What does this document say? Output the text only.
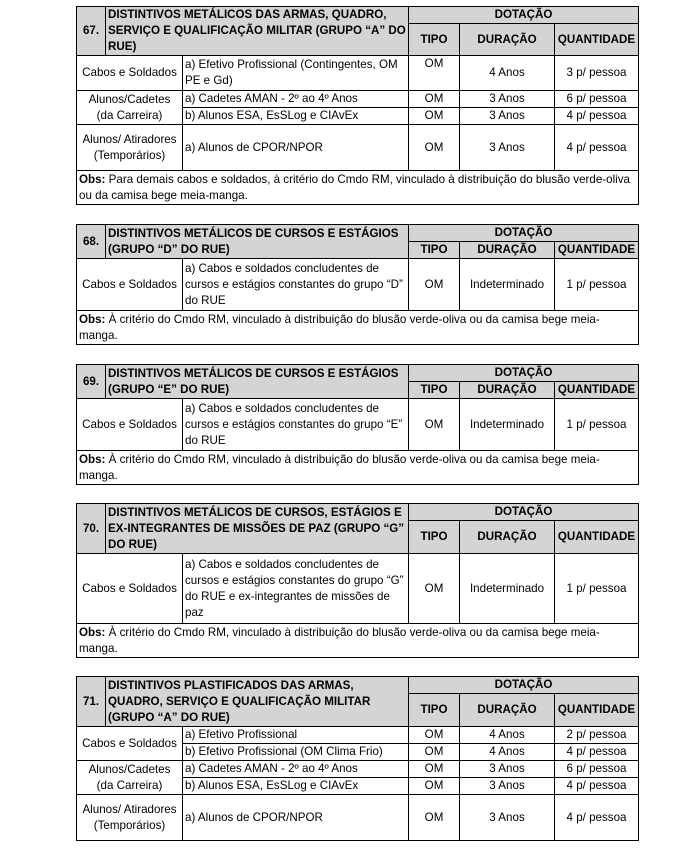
67.	DISTINTIVOS METÁLICOS DAS ARMAS, QUADRO, SERVIÇO E QUALIFICAÇÃO MILITAR (GRUPO “A” DO RUE)		DOTAÇÃO		
			TIPO	DURAÇÃO	QUANTIDADE
Cabos e Soldados		a) Efetivo Profissional (Contingentes, OM PE e Gd)	OM	4 Anos	3 p/ pessoa
Alunos/Cadetes (da Carreira)		a) Cadetes AMAN - 2º ao 4º Anos	OM	3 Anos	6 p/ pessoa
		b) Alunos ESA, EsSLog e CIAvEx	OM	3 Anos	4 p/ pessoa
Alunos/ Atiradores (Temporários)		a) Alunos de CPOR/NPOR	OM	3 Anos	4 p/ pessoa
Obs: Para demais cabos e soldados, à critério do Cmdo RM, vinculado à distribuição do blusão verde-oliva ou da camisa bege meia-manga.					
68.	DISTINTIVOS METÁLICOS DE CURSOS E ESTÁGIOS (GRUPO “D” DO RUE)		DOTAÇÃO		
			TIPO	DURAÇÃO	QUANTIDADE
Cabos e Soldados		a) Cabos e soldados concludentes de cursos e estágios constantes do grupo “D” do RUE	OM	Indeterminado	1 p/ pessoa
Obs: À critério do Cmdo RM, vinculado à distribuição do blusão verde-oliva ou da camisa bege meia-manga.					
69.	DISTINTIVOS METÁLICOS DE CURSOS E ESTÁGIOS (GRUPO “E” DO RUE)		DOTAÇÃO		
			TIPO	DURAÇÃO	QUANTIDADE
Cabos e Soldados		a) Cabos e soldados concludentes de cursos e estágios constantes do grupo “E” do RUE	OM	Indeterminado	1 p/ pessoa
Obs: À critério do Cmdo RM, vinculado à distribuição do blusão verde-oliva ou da camisa bege meia-manga.					
70.	DISTINTIVOS METÁLICOS DE CURSOS, ESTÁGIOS E EX-INTEGRANTES DE MISSÕES DE PAZ (GRUPO “G” DO RUE)		DOTAÇÃO		
			TIPO	DURAÇÃO	QUANTIDADE
Cabos e Soldados		a) Cabos e soldados concludentes de cursos e estágios constantes do grupo “G” do RUE e ex-integrantes de missões de paz	OM	Indeterminado	1 p/ pessoa
Obs: À critério do Cmdo RM, vinculado à distribuição do blusão verde-oliva ou da camisa bege meia-manga.					
71.	DISTINTIVOS PLASTIFICADOS DAS ARMAS, QUADRO, SERVIÇO E QUALIFICAÇÃO MILITAR (GRUPO “A” DO RUE)		DOTAÇÃO		
			TIPO	DURAÇÃO	QUANTIDADE
Cabos e Soldados		a) Efetivo Profissional	OM	4 Anos	2 p/ pessoa
		b) Efetivo Profissional (OM Clima Frio)	OM	4 Anos	4 p/ pessoa
Alunos/Cadetes (da Carreira)		a) Cadetes AMAN - 2º ao 4º Anos	OM	3 Anos	6 p/ pessoa
		b) Alunos ESA, EsSLog e CIAvEx	OM	3 Anos	4 p/ pessoa
Alunos/ Atiradores (Temporários)		a) Alunos de CPOR/NPOR	OM	3 Anos	4 p/ pessoa
